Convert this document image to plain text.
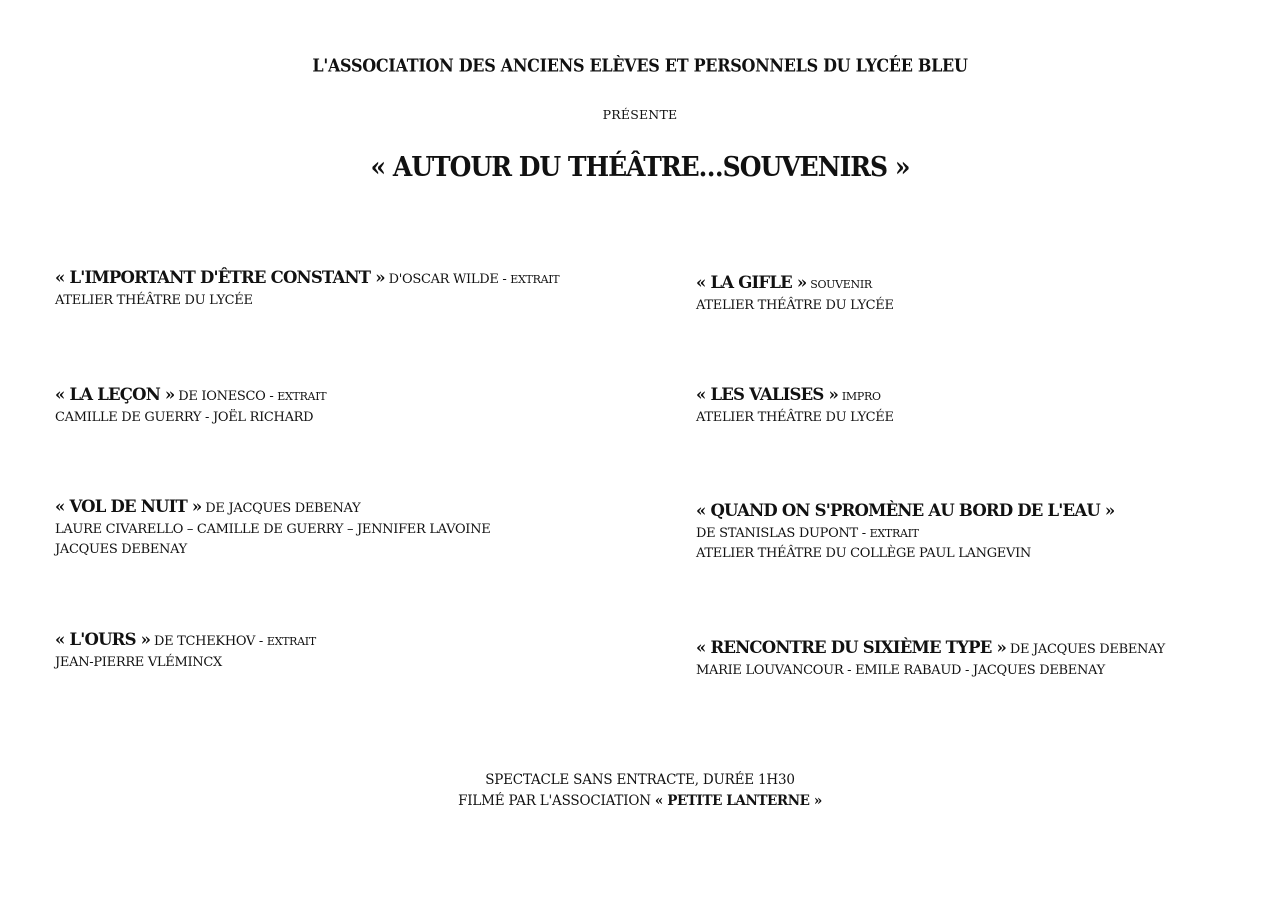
L'ASSOCIATION DES ANCIENS ELÈVES ET PERSONNELS DU LYCÉE BLEU
PRÉSENTE
« AUTOUR DU THÉÂTRE…SOUVENIRS »
« L'IMPORTANT D'ÊTRE CONSTANT » D'OSCAR WILDE - EXTRAIT
ATELIER THÉÂTRE DU LYCÉE
« LA LEÇON » DE IONESCO - EXTRAIT
CAMILLE DE GUERRY - JOËL RICHARD
« VOL DE NUIT » DE JACQUES DEBENAY
LAURE CIVARELLO – CAMILLE DE GUERRY – JENNIFER LAVOINE
JACQUES DEBENAY
« L'OURS » DE TCHEKHOV - EXTRAIT
JEAN-PIERRE VLÉMINCX
« LA GIFLE » SOUVENIR
ATELIER THÉÂTRE DU LYCÉE
« LES VALISES » IMPRO
ATELIER THÉÂTRE DU LYCÉE
« QUAND ON S'PROMÈNE AU BORD DE L'EAU »
DE STANISLAS DUPONT - EXTRAIT
ATELIER THÉÂTRE DU COLLÈGE PAUL LANGEVIN
« RENCONTRE DU SIXIÈME TYPE » DE JACQUES DEBENAY
MARIE LOUVANCOUR - EMILE RABAUD - JACQUES DEBENAY
SPECTACLE SANS ENTRACTE, DURÉE 1H30
FILMÉ PAR L'ASSOCIATION « PETITE LANTERNE »
